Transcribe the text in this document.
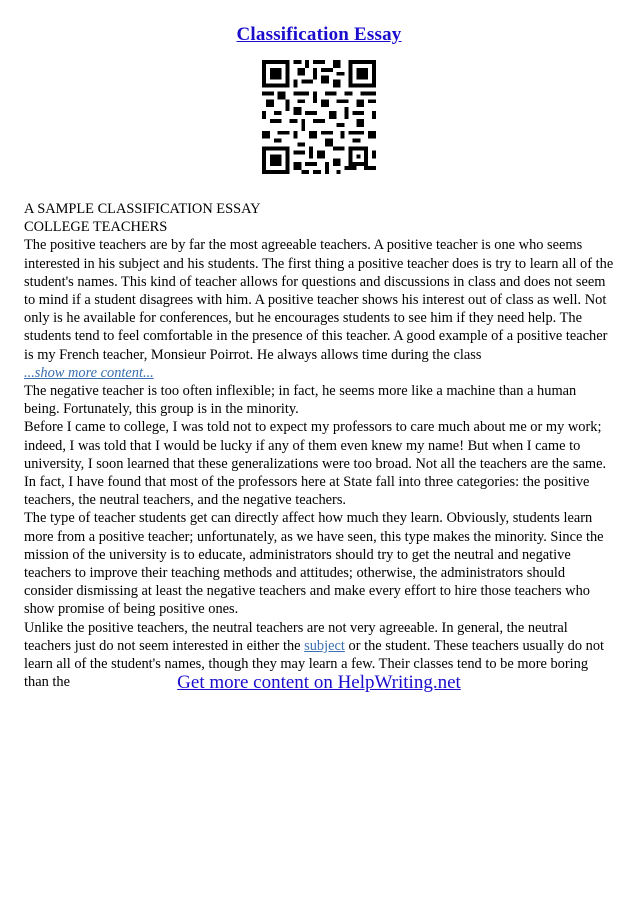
Classification Essay

A SAMPLE CLASSIFICATION ESSAY

COLLEGE TEACHERS

The positive teachers are by far the most agreeable teachers. A positive teacher is one who seems interested in his subject and his students. The first thing a positive teacher does is try to learn all of the student's names. This kind of teacher allows for questions and discussions in class and does not seem to mind if a student disagrees with him. A positive teacher shows his interest out of class as well. Not only is he available for conferences, but he encourages students to see him if they need help. The students tend to feel comfortable in the presence of this teacher. A good example of a positive teacher is my French teacher, Monsieur Poirrot. He always allows time during the class

...show more content...

The negative teacher is too often inflexible; in fact, he seems more like a machine than a human being. Fortunately, this group is in the minority.

Before I came to college, I was told not to expect my professors to care much about me or my work; indeed, I was told that I would be lucky if any of them even knew my name! But when I came to university, I soon learned that these generalizations were too broad. Not all the teachers are the same. In fact, I have found that most of the professors here at State fall into three categories: the positive teachers, the neutral teachers, and the negative teachers.

The type of teacher students get can directly affect how much they learn. Obviously, students learn more from a positive teacher; unfortunately, as we have seen, this type makes the minority. Since the mission of the university is to educate, administrators should try to get the neutral and negative teachers to improve their teaching methods and attitudes; otherwise, the administrators should consider dismissing at least the negative teachers and make every effort to hire those teachers who show promise of being positive ones.

Unlike the positive teachers, the neutral teachers are not very agreeable. In general, the neutral teachers just do not seem interested in either the subject or the student. These teachers usually do not learn all of the student's names, though they may learn a few. Their classes tend to be more boring than the	Get more content on HelpWriting.net
